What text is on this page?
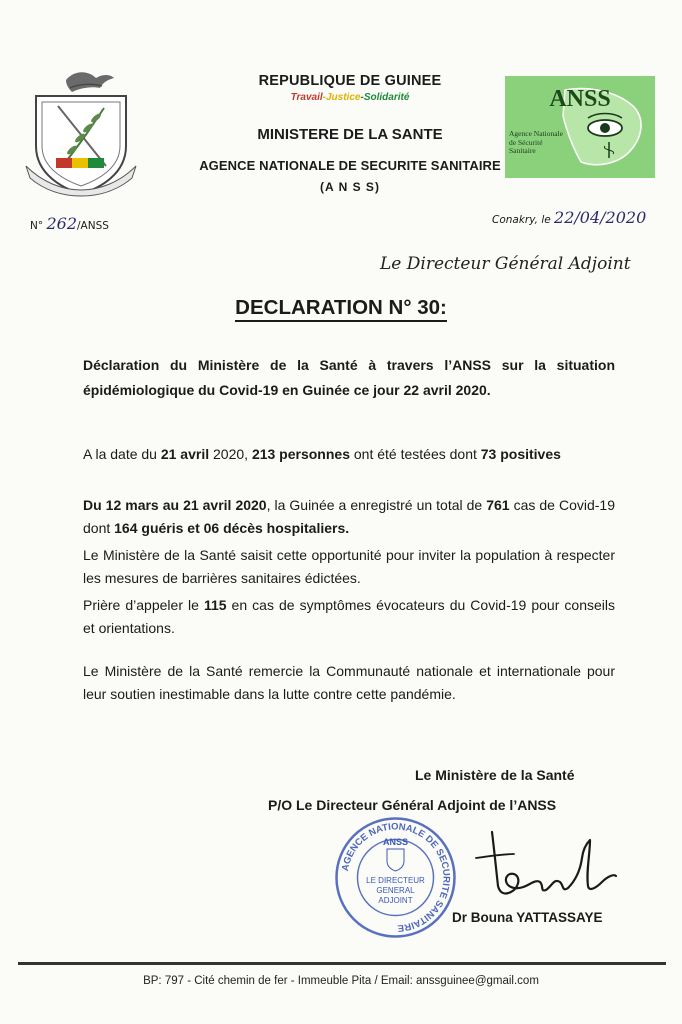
REPUBLIQUE DE GUINEE
Travail-Justice-Solidarité
MINISTERE DE LA SANTE
AGENCE NATIONALE DE SECURITE SANITAIRE
(A N S S)
ANSS
Agence Nationale de Sécurité Sanitaire
N° 262/ANSS	Conakry, le 22/04/2020
Le Directeur Général Adjoint
DECLARATION N° 30:
Déclaration du Ministère de la Santé à travers l’ANSS sur la situation épidémiologique du Covid-19 en Guinée ce jour 22 avril 2020.
A la date du 21 avril 2020, 213 personnes ont été testées dont 73 positives
Du 12 mars au 21 avril 2020, la Guinée a enregistré un total de 761 cas de Covid-19 dont 164 guéris et 06 décès hospitaliers.
Le Ministère de la Santé saisit cette opportunité pour inviter la population à respecter les mesures de barrières sanitaires édictées.
Prière d’appeler le 115 en cas de symptômes évocateurs du Covid-19 pour conseils et orientations.
Le Ministère de la Santé remercie la Communauté nationale et internationale pour leur soutien inestimable dans la lutte contre cette pandémie.
Le Ministère de la Santé
P/O Le Directeur Général Adjoint de l’ANSS
AGENCE NATIONALE DE SECURITE SANITAIRE
ANSS
LE DIRECTEUR
GENERAL
ADJOINT
Dr Bouna YATTASSAYE
BP: 797 - Cité chemin de fer - Immeuble Pita / Email: anssguinee@gmail.com
